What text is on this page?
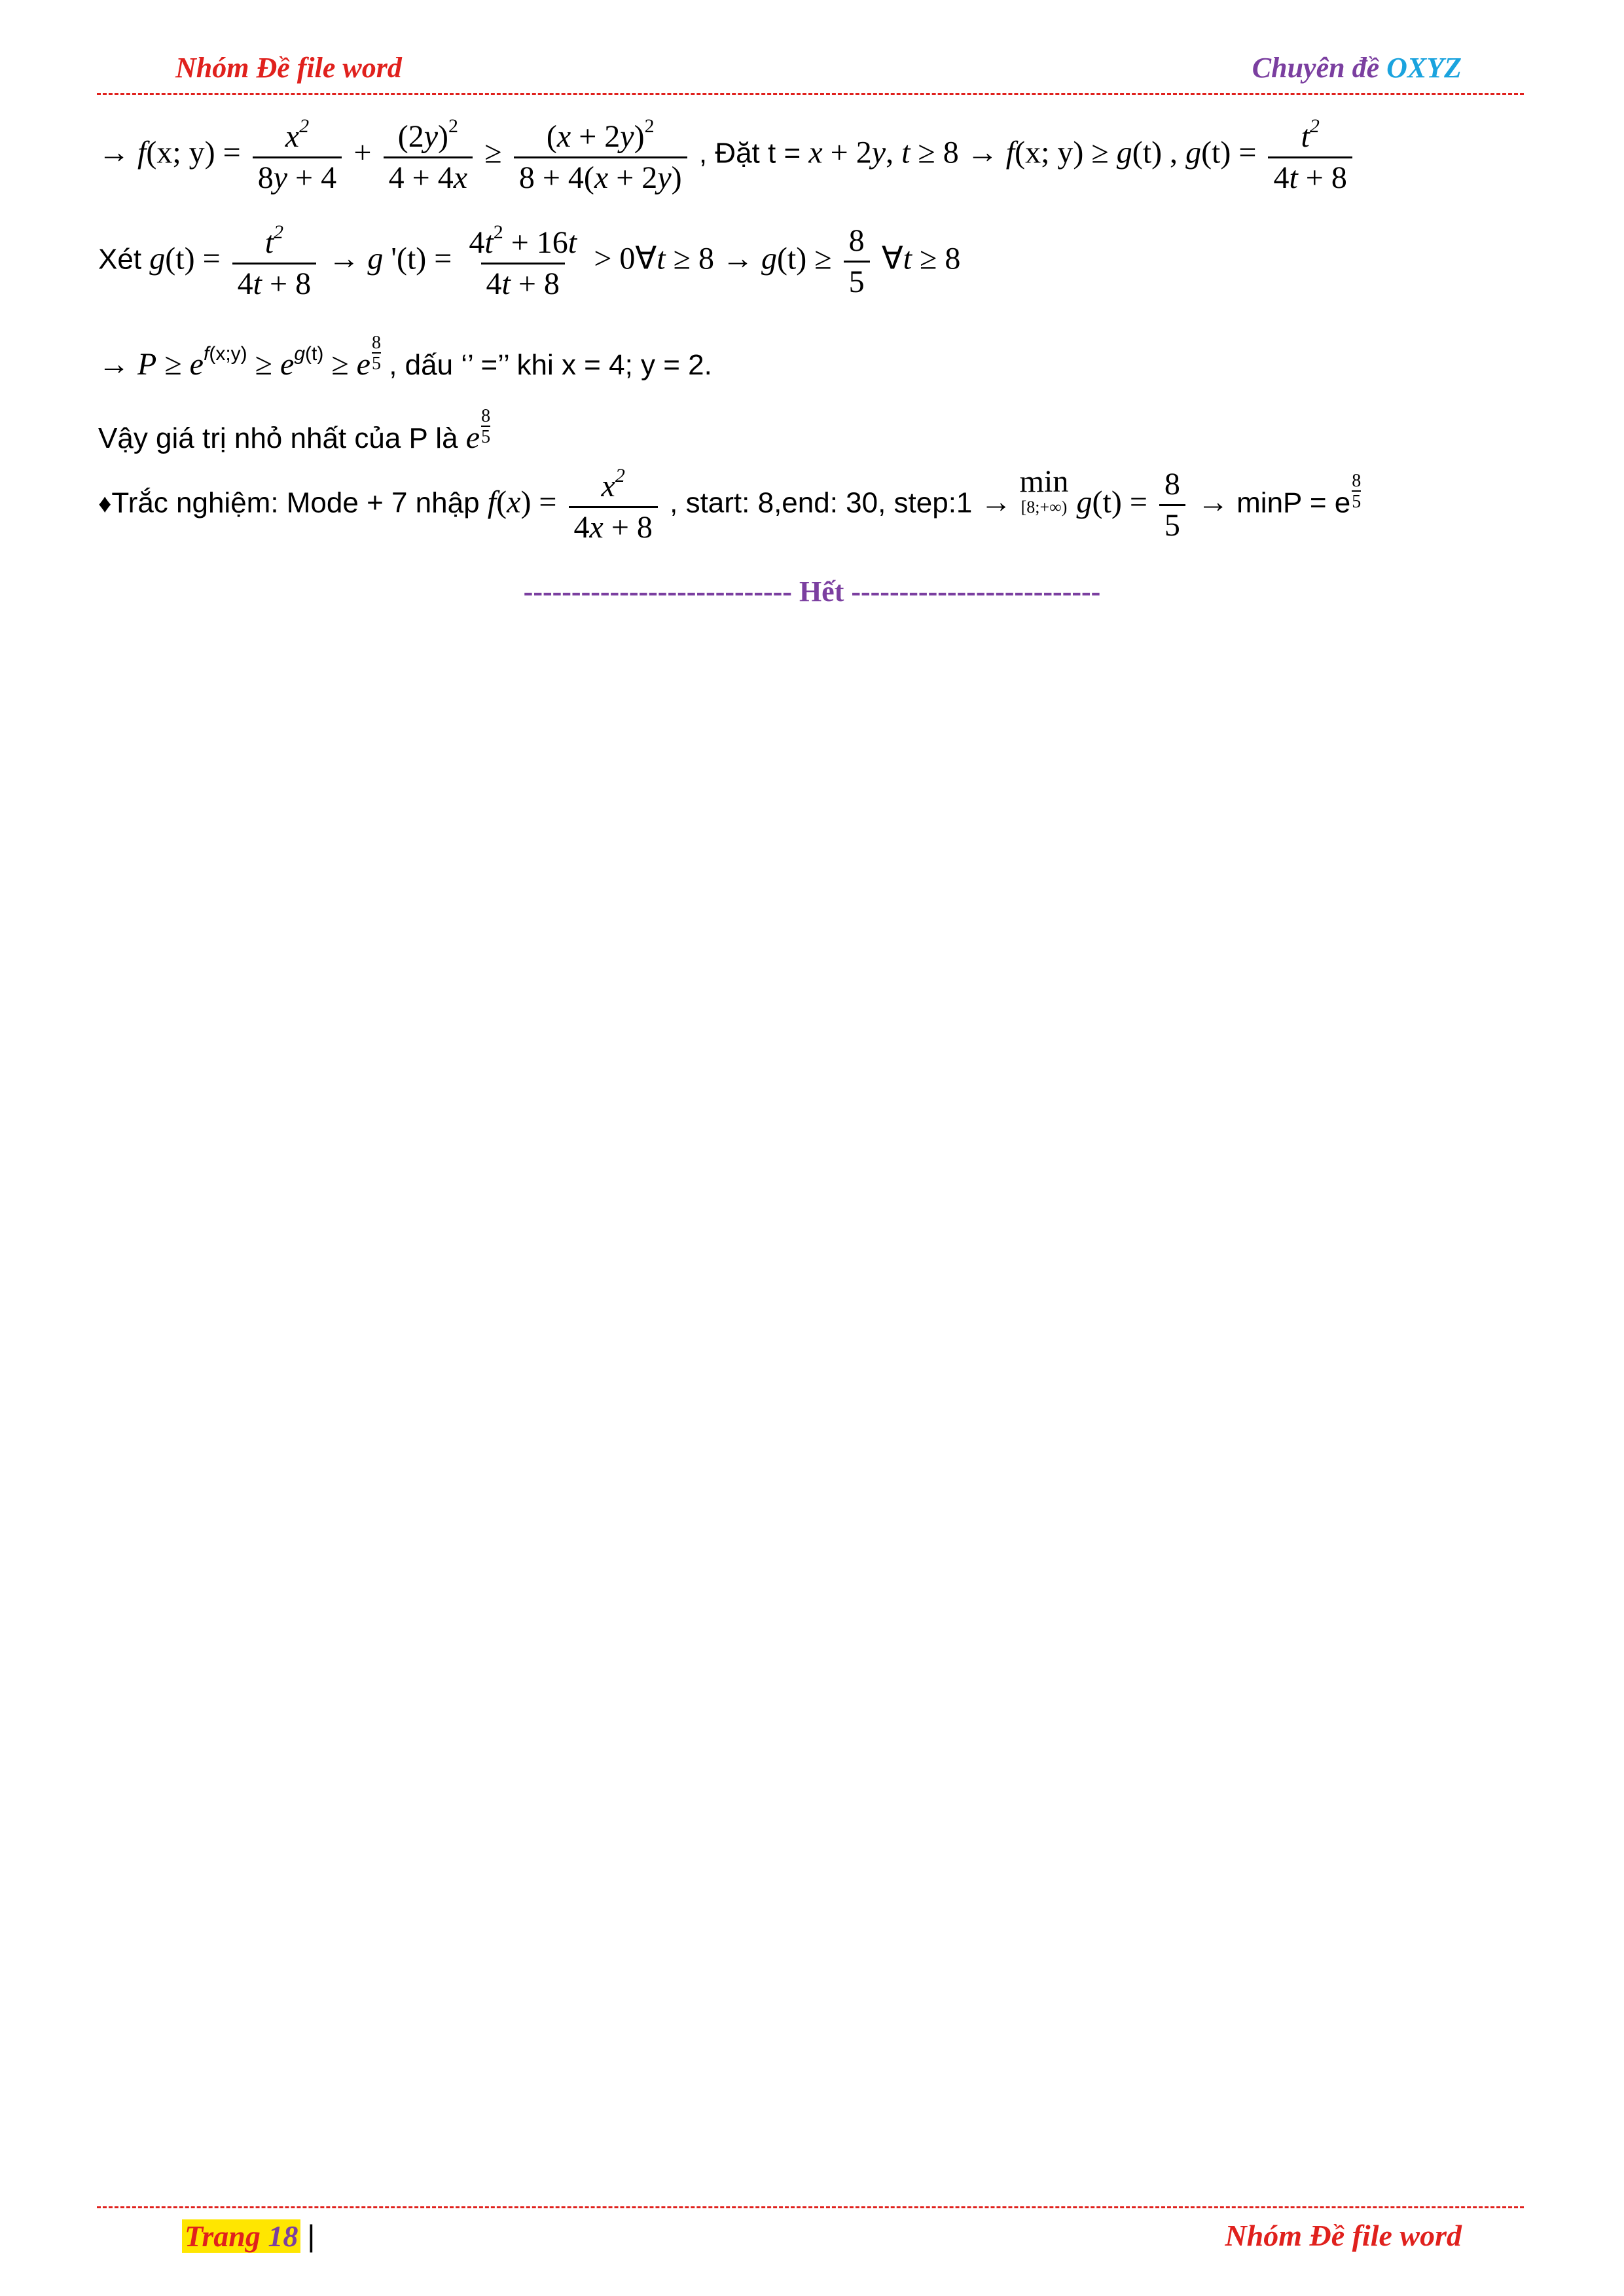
Nhóm Đề file word	Chuyên đề OXYZ
→ f(x; $y) = \frac{x^2}{8y + 4} + \frac{(2y)^2}{4 + 4x} \ge \frac{(x + 2y)^2}{8 + 4(x + 2y)}$ , Đặt t = x + 2y, t ≥ 8 → f(x; y) ≥ g(t) , $g(t) = \frac{t^2}{4t + 8}$
Xét $g(t) = \frac{t^2}{4t + 8} \to g$ '$(t) = \frac{4t^2 + 16t}{4t + 8}$ > 0∀t ≥ $8 \to g(t) \ge \frac{8}{5}$ ∀t ≥ 8
→ $P \ge e^{f(x;y)} \ge e^{g(t)} \ge e \frac{8}{5}$ , dấu ‘’ =’’ khi x = 4; y = 2.
Vậy giá trị nhỏ nhất của P là e $\frac{8}{5}$
♦Trắc nghiệm: Mode + 7 nhập $f(x) = \frac{x^2}{4x + 8}$ , start: 8,end: 30, step:1 →
min
[8;+∞) $g(t) = \frac{8}{5} \to \min P = e \frac{8}{5}$
---------------------------- Hết --------------------------
Trang 18 |	Nhóm Đề file word
